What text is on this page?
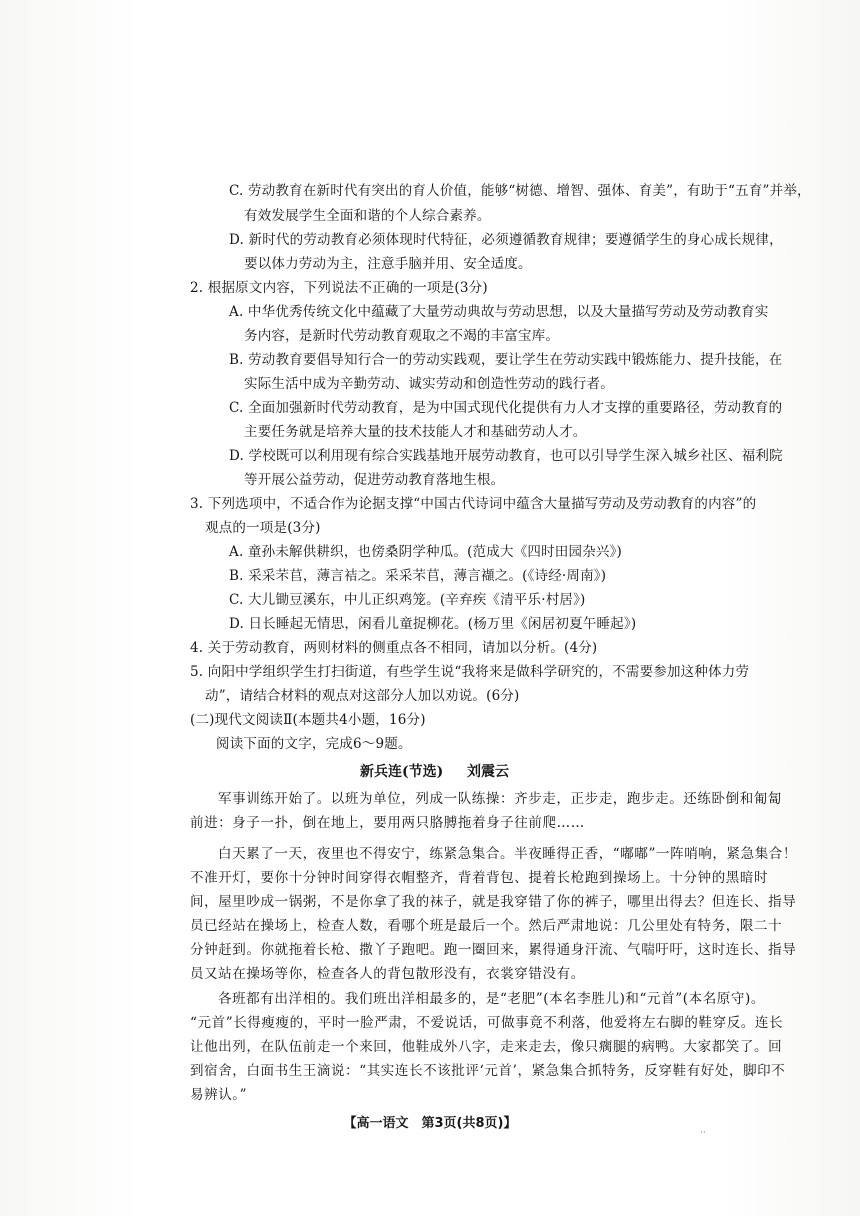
C. 劳动教育在新时代有突出的育人价值，能够“树德、增智、强体、育美”，有助于“五育”并举，
有效发展学生全面和谐的个人综合素养。
D. 新时代的劳动教育必须体现时代特征，必须遵循教育规律；要遵循学生的身心成长规律，
要以体力劳动为主，注意手脑并用、安全适度。
2. 根据原文内容，下列说法不正确的一项是(3分)
A. 中华优秀传统文化中蕴藏了大量劳动典故与劳动思想，以及大量描写劳动及劳动教育实
务内容，是新时代劳动教育观取之不竭的丰富宝库。
B. 劳动教育要倡导知行合一的劳动实践观，要让学生在劳动实践中锻炼能力、提升技能，在
实际生活中成为辛勤劳动、诚实劳动和创造性劳动的践行者。
C. 全面加强新时代劳动教育，是为中国式现代化提供有力人才支撑的重要路径，劳动教育的
主要任务就是培养大量的技术技能人才和基础劳动人才。
D. 学校既可以利用现有综合实践基地开展劳动教育，也可以引导学生深入城乡社区、福利院
等开展公益劳动，促进劳动教育落地生根。
3. 下列选项中，不适合作为论据支撑“中国古代诗词中蕴含大量描写劳动及劳动教育的内容”的
观点的一项是(3分)
A. 童孙未解供耕织，也傍桑阴学种瓜。(范成大《四时田园杂兴》)
B. 采采芣苢，薄言袺之。采采芣苢，薄言襭之。(《诗经·周南》)
C. 大儿锄豆溪东，中儿正织鸡笼。(辛弃疾《清平乐·村居》)
D. 日长睡起无情思，闲看儿童捉柳花。(杨万里《闲居初夏午睡起》)
4. 关于劳动教育，两则材料的侧重点各不相同，请加以分析。(4分)
5. 向阳中学组织学生打扫街道，有些学生说“我将来是做科学研究的，不需要参加这种体力劳
动”，请结合材料的观点对这部分人加以劝说。(6分)
(二)现代文阅读Ⅱ(本题共4小题，16分)
阅读下面的文字，完成6～9题。
新兵连(节选) 刘震云
军事训练开始了。以班为单位，列成一队练操：齐步走，正步走，跑步走。还练卧倒和匍匐
前进：身子一扑，倒在地上，要用两只胳膊拖着身子往前爬……
白天累了一天，夜里也不得安宁，练紧急集合。半夜睡得正香，“嘟嘟”一阵哨响，紧急集合！
不准开灯，要你十分钟时间穿得衣帽整齐，背着背包、提着长枪跑到操场上。十分钟的黑暗时
间，屋里吵成一锅粥，不是你拿了我的袜子，就是我穿错了你的裤子，哪里出得去？但连长、指导
员已经站在操场上，检查人数，看哪个班是最后一个。然后严肃地说：几公里处有特务，限二十
分钟赶到。你就拖着长枪、撒丫子跑吧。跑一圈回来，累得通身汗流、气喘吁吁，这时连长、指导
员又站在操场等你，检查各人的背包散形没有，衣裳穿错没有。
各班都有出洋相的。我们班出洋相最多的，是“老肥”(本名李胜儿)和“元首”(本名原守)。
“元首”长得瘦瘦的，平时一脸严肃，不爱说话，可做事竟不利落，他爱将左右脚的鞋穿反。连长
让他出列，在队伍前走一个来回，他鞋成外八字，走来走去，像只瘸腿的病鸭。大家都笑了。回
到宿舍，白面书生王滴说：“其实连长不该批评‘元首’，紧急集合抓特务，反穿鞋有好处，脚印不
【高一语文　第3页(共8页)】
··
易辨认。”
